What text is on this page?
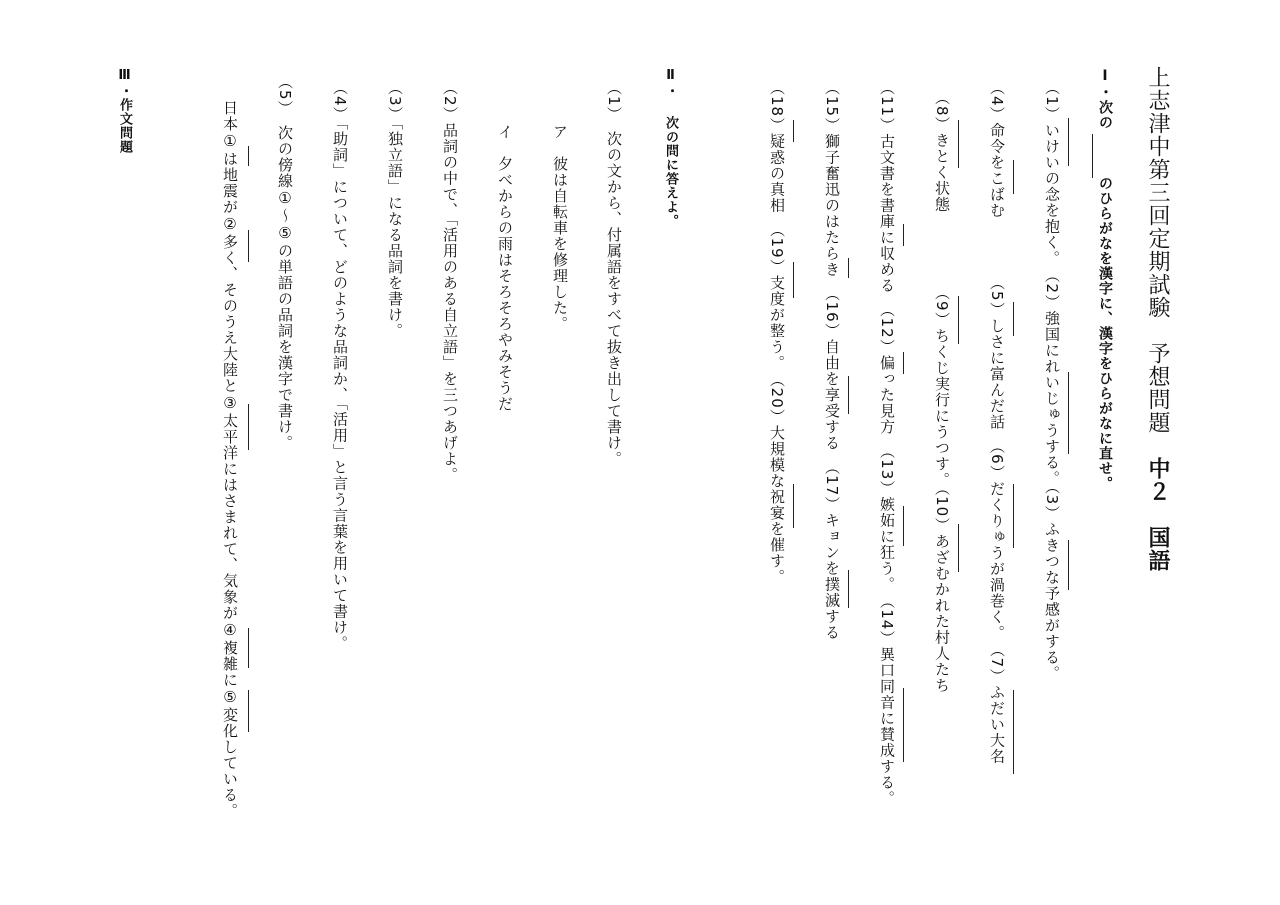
上志津中第三回定期試験　予想問題　中２　国語
Ⅰ・次ののひらがなを漢字に、漢字をひらがなに直せ。
（1）いけいの念を抱く。　（2）強国にれいじゅうする。（3）ふきつな予感がする。
（4）命令をこばむ　　　　（5）しさに富んだ話　（6）だくりゅうが渦巻く。　（7）ふだい大名
（8）きとく状態　　　　　（9）ちくじ実行にうつす。（10）あざむかれた村人たち
（11）古文書を書庫に収める　（12）偏った見方　（13）嫉妬に狂う。　（14）異口同音に賛成する。
（15）獅子奮迅のはたらき　（16）自由を享受する　（17）キョンを撲滅する
（18）疑惑の真相　（19）支度が整う。　（20）大規模な祝宴を催す。
Ⅱ・次の問に答えよ。
（1）　次の文から、付属語をすべて抜き出して書け。
ア　彼は自転車を修理した。
イ　夕べからの雨はそろそろやみそうだ
（2）品詞の中で、「活用のある自立語」を三つあげよ。
（3）「独立語」になる品詞を書け。
（4）「助詞」について、どのような品詞か、「活用」と言う言葉を用いて書け。
（5）　次の傍線①～⑤の単語の品詞を漢字で書け。
日本①は地震が②多く、そのうえ大陸と③太平洋にはさまれて、気象が④複雑に⑤変化している。
Ⅲ・作文問題
